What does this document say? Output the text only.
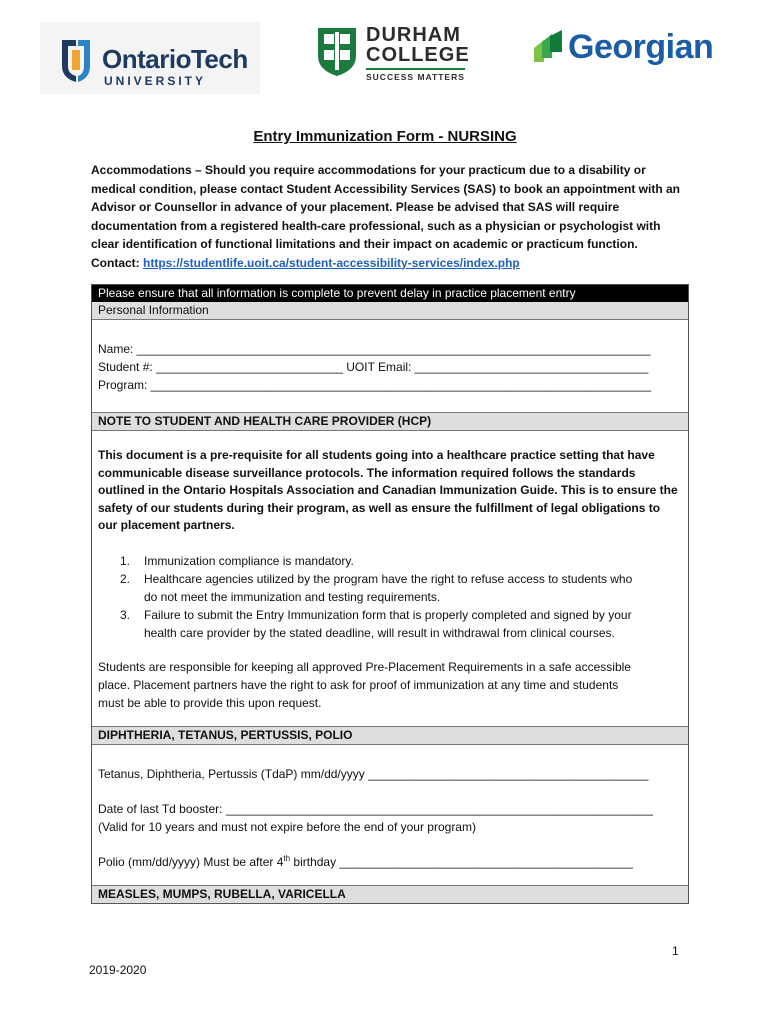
OntarioTech
UNIVERSITY
DURHAM
COLLEGE
SUCCESS MATTERS
Georgian
Entry Immunization Form - NURSING
Accommodations – Should you require accommodations for your practicum due to a disability or
medical condition, please contact Student Accessibility Services (SAS) to book an appointment with an
Advisor or Counsellor in advance of your placement. Please be advised that SAS will require
documentation from a registered health-care professional, such as a physician or psychologist with
clear identification of functional limitations and their impact on academic or practicum function.
Contact: https://studentlife.uoit.ca/student-accessibility-services/index.php
Please ensure that all information is complete to prevent delay in practice placement entry
Personal Information
Name: _____________________________________________________________________________
Student #: ____________________________ UOIT Email: ___________________________________
Program: ___________________________________________________________________________
NOTE TO STUDENT AND HEALTH CARE PROVIDER (HCP)
This document is a pre-requisite for all students going into a healthcare practice setting that have
communicable disease surveillance protocols. The information required follows the standards
outlined in the Ontario Hospitals Association and Canadian Immunization Guide. This is to ensure the
safety of our students during their program, as well as ensure the fulfillment of legal obligations to
our placement partners.
1. Immunization compliance is mandatory.
2. Healthcare agencies utilized by the program have the right to refuse access to students who
do not meet the immunization and testing requirements.
3. Failure to submit the Entry Immunization form that is properly completed and signed by your
health care provider by the stated deadline, will result in withdrawal from clinical courses.
Students are responsible for keeping all approved Pre-Placement Requirements in a safe accessible
place. Placement partners have the right to ask for proof of immunization at any time and students
must be able to provide this upon request.
DIPHTHERIA, TETANUS, PERTUSSIS, POLIO
Tetanus, Diphtheria, Pertussis (TdaP) mm/dd/yyyy __________________________________________
Date of last Td booster: ________________________________________________________________
(Valid for 10 years and must not expire before the end of your program)
Polio (mm/dd/yyyy) Must be after 4th birthday ____________________________________________
MEASLES, MUMPS, RUBELLA, VARICELLA
1
2019-2020
